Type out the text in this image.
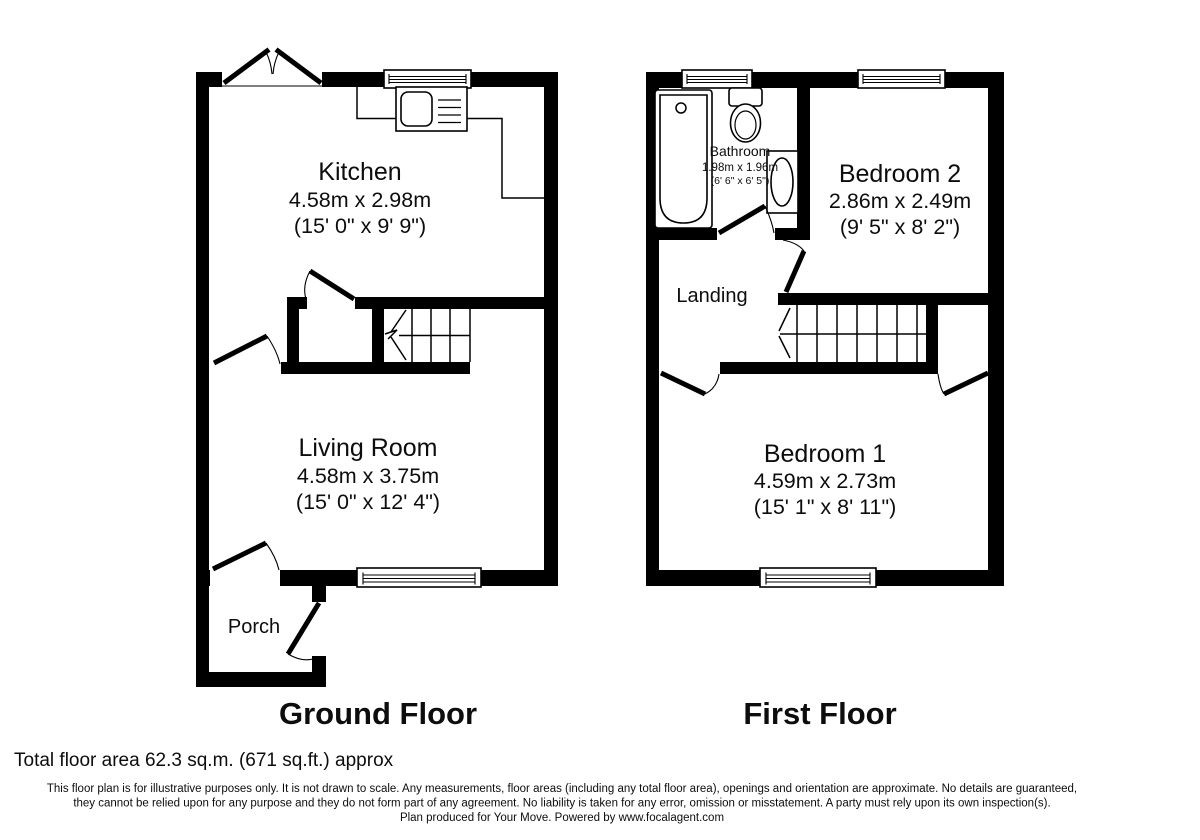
Kitchen
4.58m x 2.98m
(15' 0" x 9' 9")
Living Room
4.58m x 3.75m
(15' 0" x 12' 4")
Porch
Ground Floor
Bathroom
1.98m x 1.96m
(6' 6" x 6' 5")	Bedroom 2
2.86m x 2.49m
(9' 5" x 8' 2")
Landing
Bedroom 1
4.59m x 2.73m
(15' 1" x 8' 11")
First Floor
Total floor area 62.3 sq.m. (671 sq.ft.) approx
This floor plan is for illustrative purposes only. It is not drawn to scale. Any measurements, floor areas (including any total floor area), openings and orientation are approximate. No details are guaranteed,
they cannot be relied upon for any purpose and they do not form part of any agreement. No liability is taken for any error, omission or misstatement. A party must rely upon its own inspection(s).
Plan produced for Your Move. Powered by www.focalagent.com
